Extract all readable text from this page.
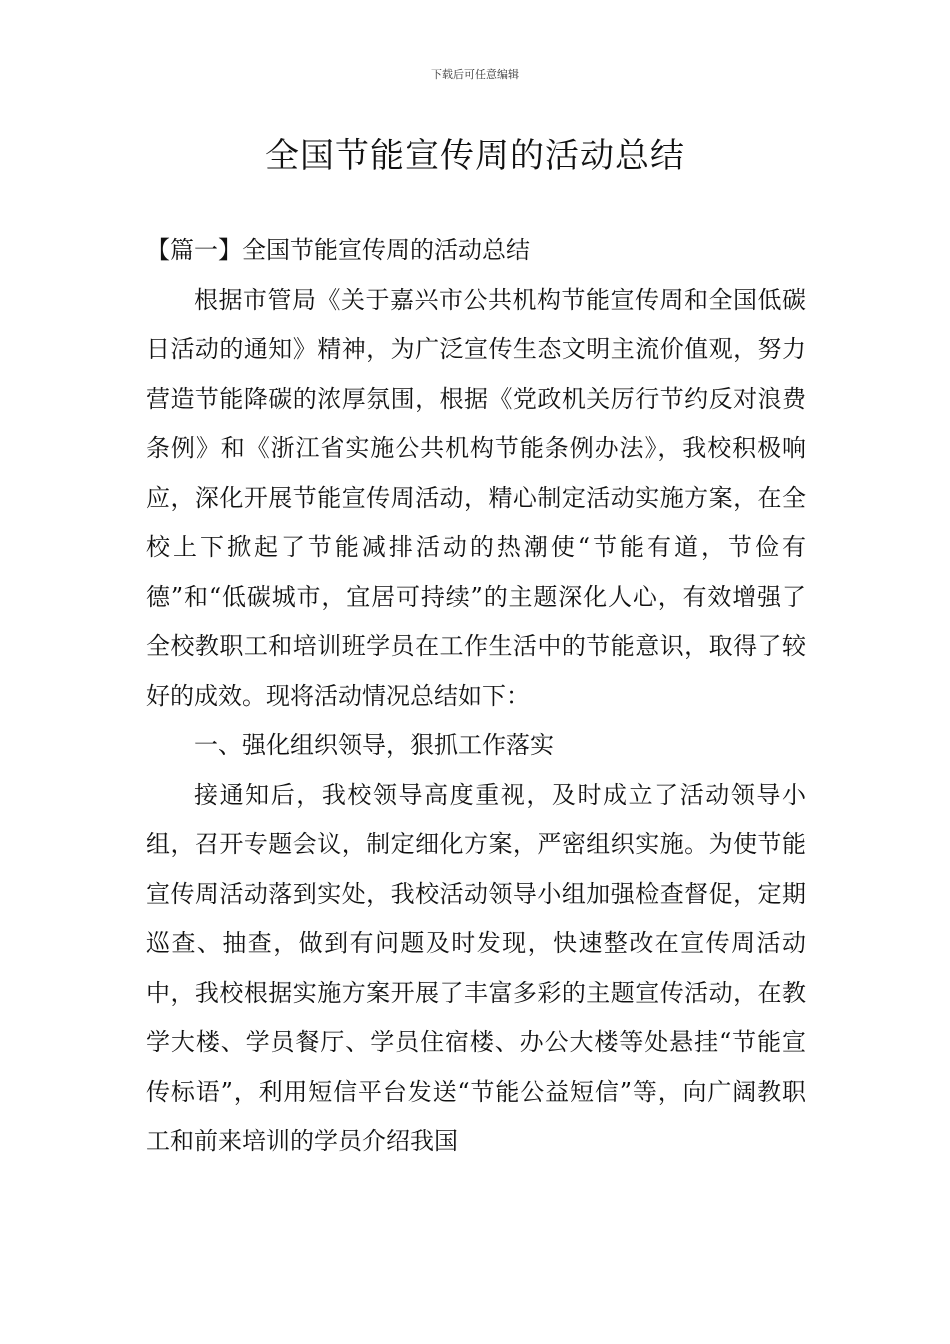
下载后可任意编辑
全国节能宣传周的活动总结

【篇一】全国节能宣传周的活动总结

根据市管局《关于嘉兴市公共机构节能宣传周和全国低碳日活动的通知》精神，为广泛宣传生态文明主流价值观，努力营造节能降碳的浓厚氛围，根据《党政机关厉行节约反对浪费条例》和《浙江省实施公共机构节能条例办法》，我校积极响应，深化开展节能宣传周活动，精心制定活动实施方案，在全校上下掀起了节能减排活动的热潮使“节能有道，节俭有德”和“低碳城市，宜居可持续”的主题深化人心，有效增强了全校教职工和培训班学员在工作生活中的节能意识，取得了较好的成效。现将活动情况总结如下：

一、强化组织领导，狠抓工作落实

接通知后，我校领导高度重视，及时成立了活动领导小组，召开专题会议，制定细化方案，严密组织实施。为使节能宣传周活动落到实处，我校活动领导小组加强检查督促，定期巡查、抽查，做到有问题及时发现，快速整改在宣传周活动中，我校根据实施方案开展了丰富多彩的主题宣传活动，在教学大楼、学员餐厅、学员住宿楼、办公大楼等处悬挂“节能宣传标语”，利用短信平台发送“节能公益短信”等，向广阔教职工和前来培训的学员介绍我国
